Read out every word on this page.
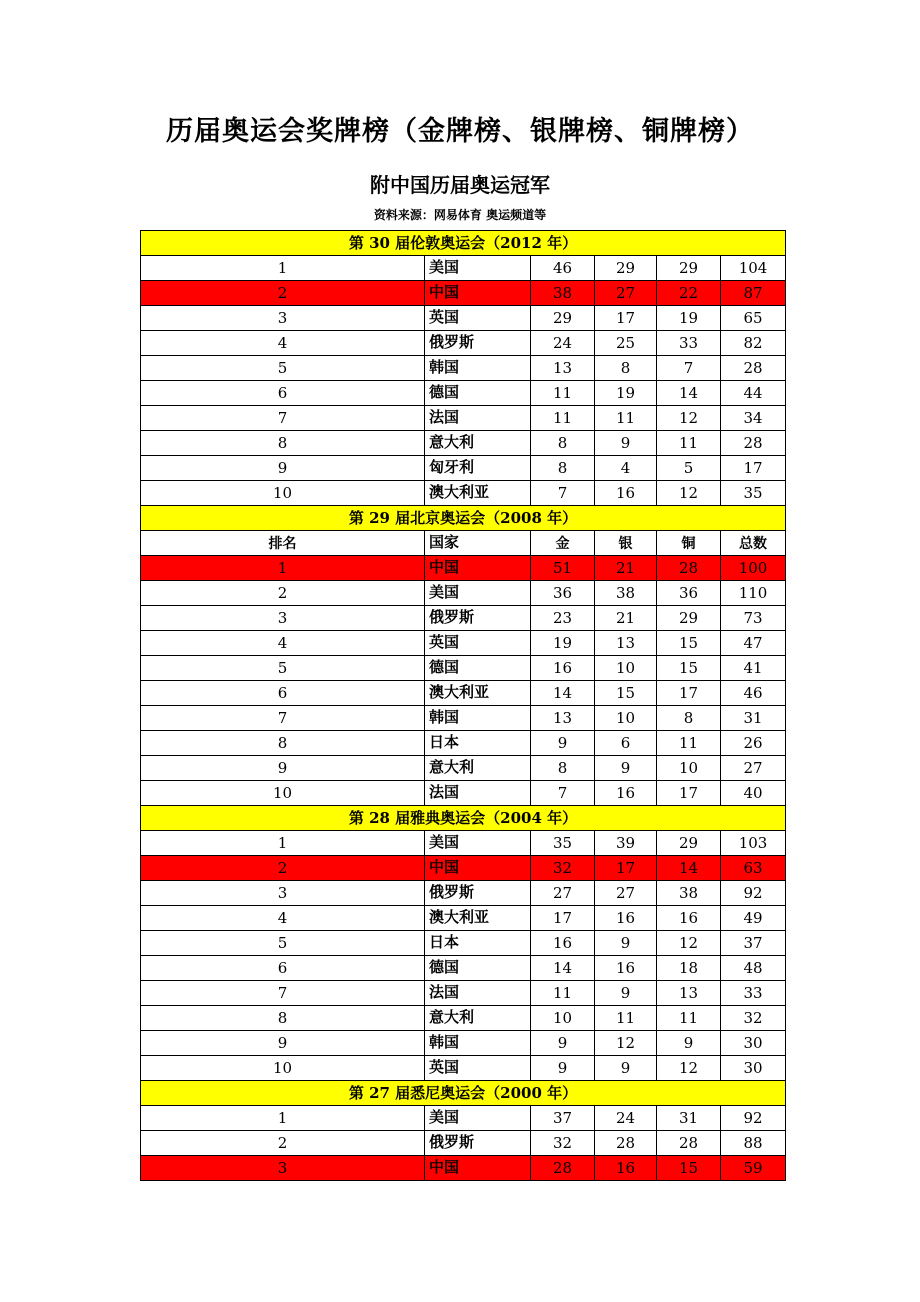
历届奥运会奖牌榜（金牌榜、银牌榜、铜牌榜）
附中国历届奥运冠军
资料来源：网易体育 奥运频道等
第 30 届伦敦奥运会（2012 年）					
1	美国	46	29	29	104
2	中国	38	27	22	87
3	英国	29	17	19	65
4	俄罗斯	24	25	33	82
5	韩国	13	8	7	28
6	德国	11	19	14	44
7	法国	11	11	12	34
8	意大利	8	9	11	28
9	匈牙利	8	4	5	17
10	澳大利亚	7	16	12	35
第 29 届北京奥运会（2008 年）					
排名	国家	金	银	铜	总数
1	中国	51	21	28	100
2	美国	36	38	36	110
3	俄罗斯	23	21	29	73
4	英国	19	13	15	47
5	德国	16	10	15	41
6	澳大利亚	14	15	17	46
7	韩国	13	10	8	31
8	日本	9	6	11	26
9	意大利	8	9	10	27
10	法国	7	16	17	40
第 28 届雅典奥运会（2004 年）					
1	美国	35	39	29	103
2	中国	32	17	14	63
3	俄罗斯	27	27	38	92
4	澳大利亚	17	16	16	49
5	日本	16	9	12	37
6	德国	14	16	18	48
7	法国	11	9	13	33
8	意大利	10	11	11	32
9	韩国	9	12	9	30
10	英国	9	9	12	30
第 27 届悉尼奥运会（2000 年）					
1	美国	37	24	31	92
2	俄罗斯	32	28	28	88
3	中国	28	16	15	59
